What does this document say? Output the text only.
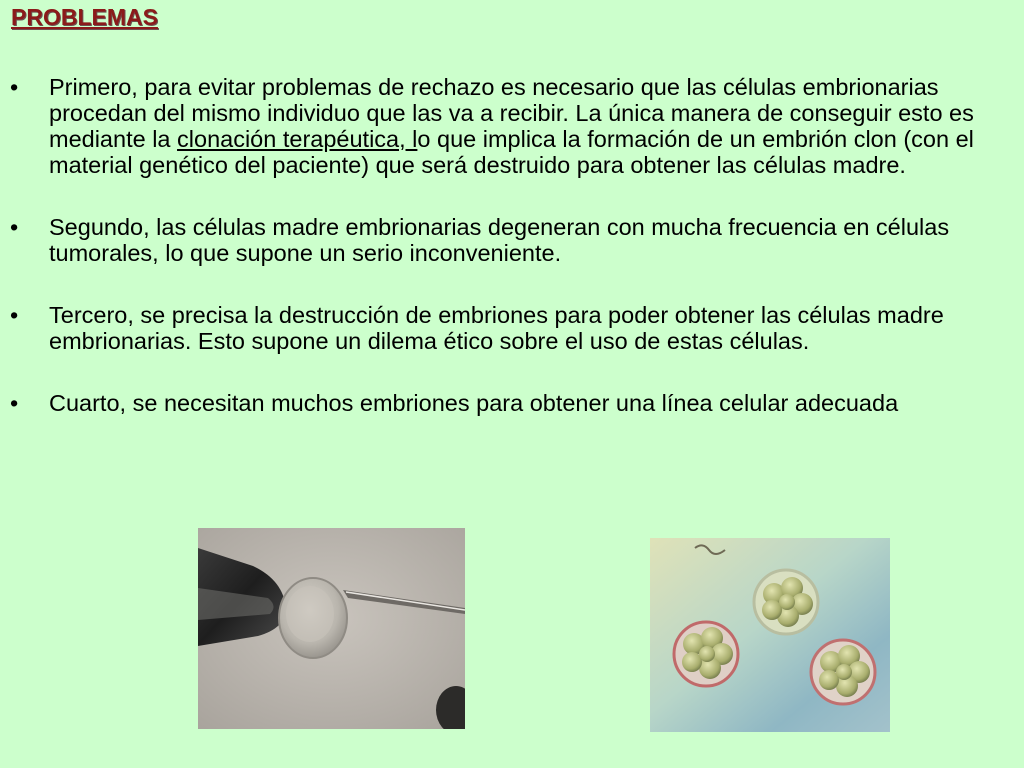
PROBLEMAS
• Primero, para evitar problemas de rechazo es necesario que las células embrionarias procedan del mismo individuo que las va a recibir. La única manera de conseguir esto es mediante la clonación terapéutica, lo que implica la formación de un embrión clon (con el material genético del paciente) que será destruido para obtener las células madre.
• Segundo, las células madre embrionarias degeneran con mucha frecuencia en células tumorales, lo que supone un serio inconveniente.
• Tercero, se precisa la destrucción de embriones para poder obtener las células madre embrionarias. Esto supone un dilema ético sobre el uso de estas células.
• Cuarto, se necesitan muchos embriones para obtener una línea celular adecuada
